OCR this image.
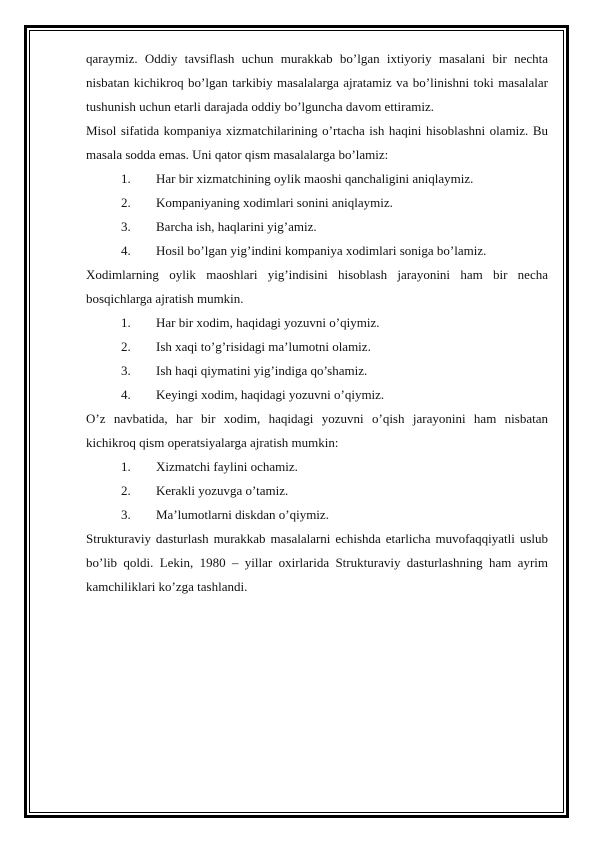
qaraymiz. Oddiy tavsiflash uchun murakkab bo’lgan ixtiyoriy masalani bir nechta nisbatan kichikroq bo’lgan tarkibiy masalalarga ajratamiz va bo’linishni toki masalalar tushunish uchun etarli darajada oddiy bo’lguncha davom ettiramiz.

Misol sifatida kompaniya xizmatchilarining o’rtacha ish haqini hisoblashni olamiz. Bu masala sodda emas. Uni qator qism masalalarga bo’lamiz:

1.	Har bir xizmatchining oylik maoshi qanchaligini aniqlaymiz.
2.	Kompaniyaning xodimlari sonini aniqlaymiz.
3.	Barcha ish, haqlarini yig’amiz.
4.	Hosil bo’lgan yig’indini kompaniya xodimlari soniga bo’lamiz.

Xodimlarning oylik maoshlari yig’indisini hisoblash jarayonini ham bir necha bosqichlarga ajratish mumkin.

1.	Har bir xodim, haqidagi yozuvni o’qiymiz.
2.	Ish xaqi to’g’risidagi ma’lumotni olamiz.
3.	Ish haqi qiymatini yig’indiga qo’shamiz.
4.	Keyingi xodim, haqidagi yozuvni o’qiymiz.

O’z navbatida, har bir xodim, haqidagi yozuvni o’qish jarayonini ham nisbatan kichikroq qism operatsiyalarga ajratish mumkin:

1.	Xizmatchi faylini ochamiz.
2.	Kerakli yozuvga o’tamiz.
3.	Ma’lumotlarni diskdan o’qiymiz.

Strukturaviy dasturlash murakkab masalalarni echishda etarlicha muvofaqqiyatli uslub bo’lib qoldi. Lekin, 1980 – yillar oxirlarida Strukturaviy dasturlashning ham ayrim kamchiliklari ko’zga tashlandi.
